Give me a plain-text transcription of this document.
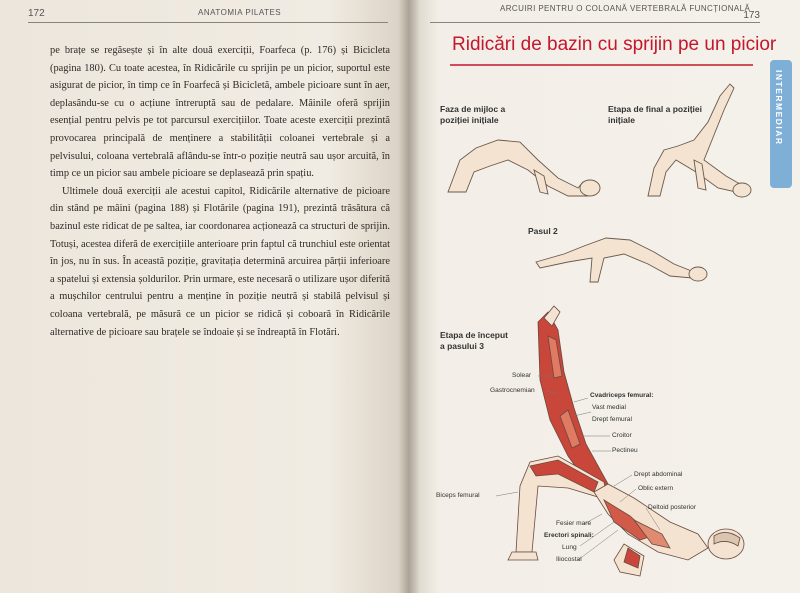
172	ANATOMIA PILATES

pe brațe se regăsește și în alte două exerciții, Foarfeca (p. 176) și Bicicleta (pagina 180). Cu toate acestea, în Ridicările cu sprijin pe un picior, suportul este asigurat de picior, în timp ce în Foarfecă și Bicicletă, ambele picioare sunt în aer, deplasându-se cu o acțiune întreruptă sau de pedalare. Mâinile oferă sprijin esențial pentru pelvis pe tot parcursul exercițiilor. Toate aceste exerciții prezintă provocarea principală de menținere a stabilității coloanei vertebrale și a pelvisului, coloana vertebrală aflându-se într-o poziție neutră sau ușor arcuită, în timp ce un picior sau ambele picioare se deplasează prin spațiu.

Ultimele două exerciții ale acestui capitol, Ridicările alternative de picioare din stând pe mâini (pagina 188) și Flotările (pagina 191), prezintă trăsătura că bazinul este ridicat de pe saltea, iar coordonarea acționează ca structuri de sprijin. Totuși, acestea diferă de exercițiile anterioare prin faptul că trunchiul este orientat în jos, nu în sus. În această poziție, gravitația determină arcuirea părții inferioare a spatelui și extensia șoldurilor. Prin urmare, este necesară o utilizare ușor diferită a mușchilor centrului pentru a menține în poziție neutră și stabilă pelvisul și coloana vertebrală, pe măsură ce un picior se ridică și coboară în Ridicările alternative de picioare sau brațele se îndoaie și se îndreaptă în Flotări.

ARCUIRI PENTRU O COLOANĂ VERTEBRALĂ FUNCȚIONALĂ
173
Ridicări de bazin cu sprijin pe un picior
INTERMEDIAR
Faza de mijloc a poziției inițiale
Etapa de final a poziției inițiale
Pasul 2
Etapa de început a pasului 3
Solear
Gastrocnemian
Cvadriceps femural:
Vast medial
Drept femural
Croitor
Pectineu
Drept abdominal
Oblic extern
Deltoid posterior
Biceps femural
Fesier mare
Erectori spinali:
Lung
Iliocostal
